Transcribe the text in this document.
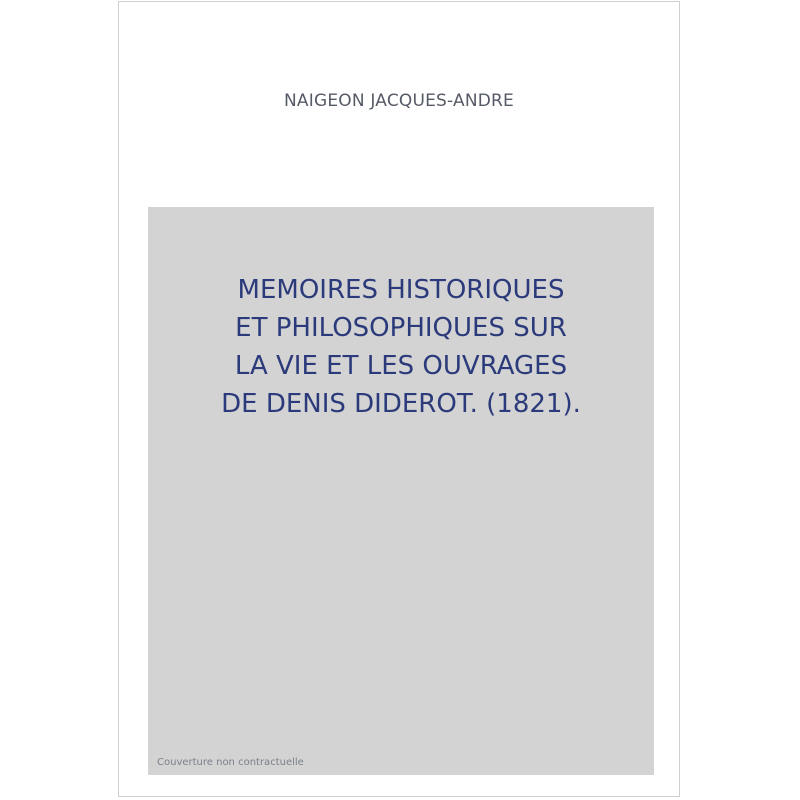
NAIGEON JACQUES-ANDRE
MEMOIRES HISTORIQUES
ET PHILOSOPHIQUES SUR
LA VIE ET LES OUVRAGES
DE DENIS DIDEROT. (1821).
Couverture non contractuelle
